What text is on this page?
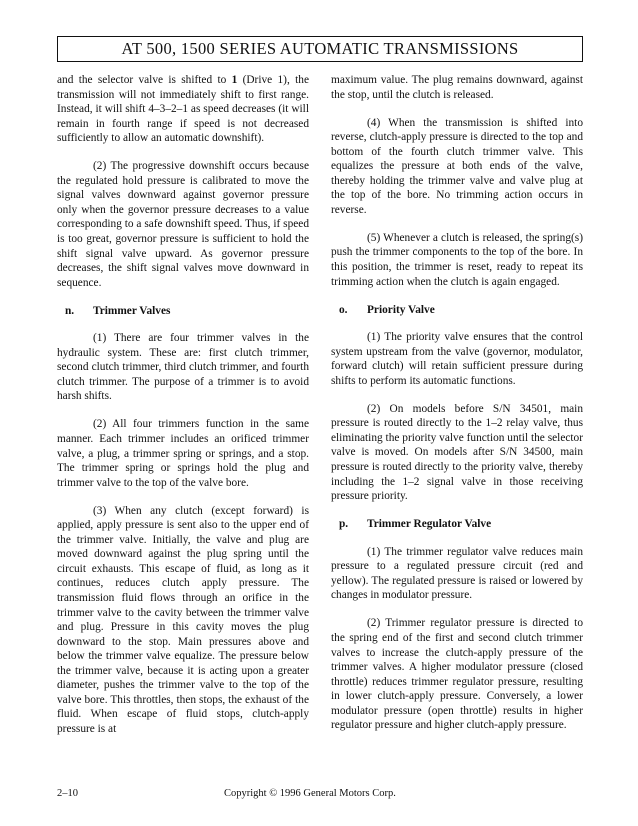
AT 500, 1500 SERIES AUTOMATIC TRANSMISSIONS

and the selector valve is shifted to 1 (Drive 1), the transmission will not immediately shift to first range. Instead, it will shift 4–3–2–1 as speed decreases (it will remain in fourth range if speed is not decreased sufficiently to allow an automatic downshift).

(2) The progressive downshift occurs because the regulated hold pressure is calibrated to move the signal valves downward against governor pressure only when the governor pressure decreases to a value corresponding to a safe downshift speed. Thus, if speed is too great, governor pressure is sufficient to hold the shift signal valve upward. As governor pressure decreases, the shift signal valves move downward in sequence.

n. Trimmer Valves

(1) There are four trimmer valves in the hydraulic system. These are: first clutch trimmer, second clutch trimmer, third clutch trimmer, and fourth clutch trimmer. The purpose of a trimmer is to avoid harsh shifts.

(2) All four trimmers function in the same manner. Each trimmer includes an orificed trimmer valve, a plug, a trimmer spring or springs, and a stop. The trimmer spring or springs hold the plug and trimmer valve to the top of the valve bore.

(3) When any clutch (except forward) is applied, apply pressure is sent also to the upper end of the trimmer valve. Initially, the valve and plug are moved downward against the plug spring until the circuit exhausts. This escape of fluid, as long as it continues, reduces clutch apply pressure. The transmission fluid flows through an orifice in the trimmer valve to the cavity between the trimmer valve and plug. Pressure in this cavity moves the plug downward to the stop. Main pressures above and below the trimmer valve equalize. The pressure below the trimmer valve, because it is acting upon a greater diameter, pushes the trimmer valve to the top of the valve bore. This throttles, then stops, the exhaust of the fluid. When escape of fluid stops, clutch-apply pressure is at

maximum value. The plug remains downward, against the stop, until the clutch is released.

(4) When the transmission is shifted into reverse, clutch-apply pressure is directed to the top and bottom of the fourth clutch trimmer valve. This equalizes the pressure at both ends of the valve, thereby holding the trimmer valve and valve plug at the top of the bore. No trimming action occurs in reverse.

(5) Whenever a clutch is released, the spring(s) push the trimmer components to the top of the bore. In this position, the trimmer is reset, ready to repeat its trimming action when the clutch is again engaged.

o. Priority Valve

(1) The priority valve ensures that the control system upstream from the valve (governor, modulator, forward clutch) will retain sufficient pressure during shifts to perform its automatic functions.

(2) On models before S/N 34501, main pressure is routed directly to the 1–2 relay valve, thus eliminating the priority valve function until the selector valve is moved. On models after S/N 34500, main pressure is routed directly to the priority valve, thereby including the 1–2 signal valve in those receiving pressure priority.

p. Trimmer Regulator Valve

(1) The trimmer regulator valve reduces main pressure to a regulated pressure circuit (red and yellow). The regulated pressure is raised or lowered by changes in modulator pressure.

(2) Trimmer regulator pressure is directed to the spring end of the first and second clutch trimmer valves to increase the clutch-apply pressure of the trimmer valves. A higher modulator pressure (closed throttle) reduces trimmer regulator pressure, resulting in lower clutch-apply pressure. Conversely, a lower modulator pressure (open throttle) results in higher regulator pressure and higher clutch-apply pressure.

2–10	Copyright © 1996 General Motors Corp.
